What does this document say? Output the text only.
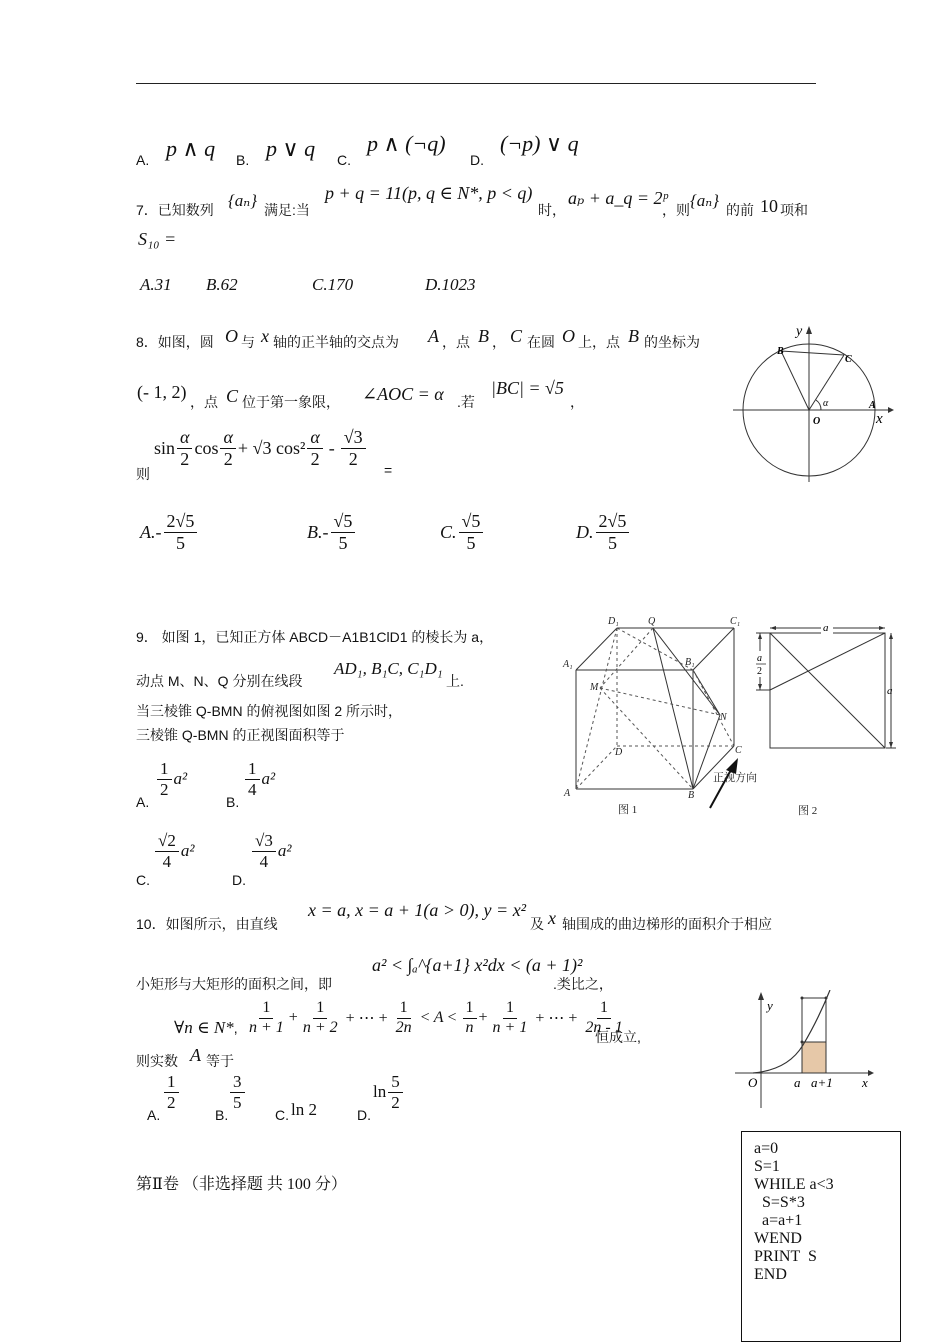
A. p ∧ q B. p ∨ q C.
p ∧ (¬q)
D.
(¬p) ∨ q
7．已知数列 {aₙ} 满足:当
p + q = 11(p, q ∈ N*, p < q)
时，
aₚ + a_q = 2ᵖ
，则 {aₙ} 的前 10 项和
S₁₀ =
A.31 B.62	C.170	D.1023
8．如图，圆 O 与 x 轴的正半轴的交点为 A ，点 B ， C 在圆 O 上，点 B 的坐标为
(- 1, 2) ，点 C 位于第一象限， ∠AOC = α .若
|BC| = √5
，
则
$\sin \frac{\alpha}{2}$ $\cos \frac{\alpha}{2} + √3$ $\cos^2 \frac{\alpha}{2} - \frac{√3}{2}$
=
$A.- \frac{2√5}{5}$	$B.- \frac{√5}{5}$	C. $\frac{√5}{5}$	D. $\frac{2√5}{5}$
y
x
B
C
A
O
α
9． 如图 1，已知正方体 ABCD－A1B1ClD1 的棱长为 a，
动点 M、N、Q 分别在线段
AD₁, B₁C, C₁D₁
上.
当三棱锥 Q-BMN 的俯视图如图 2 所示时，
三棱锥 Q-BMN 的正视图面积等于
A.
$\frac{1}{2} a^2$
B.
$\frac{1}{4} a^2$
C.
$\frac{√2}{4} a^2$
D.
$\frac{√3}{4} a^2$
D₁	Q	C₁
A₁	B₁
M
N
D	C
A	B
正视方向
图 1
a
a
2
a
图 2
10．如图所示，由直线
x = a, x = a + 1(a > 0), y = x²
及 x 轴围成的曲边梯形的面积介于相应
小矩形与大矩形的面积之间，即
a² < ∫ₐ^{a+1} x²dx < (a + 1)²
.类比之，
∀n ∈ N*, $\frac{1}{n + 1} + \frac{1}{n + 2}$ + ⋯ + $\frac{1}{2n} < A < \frac{1}{n} + \frac{1}{n + 1}$ + ⋯ + $\frac{1}{2n - 1}$
恒成立,
则实数 A 等于
A.
$\frac{1}{2}$
B.
$\frac{3}{5}$
C. ln 2	D.
$\ln \frac{5}{2}$
y
x
O	a a+1
第Ⅱ卷 （非选择题 共 100 分）
a=0
S=1
WHILE a<3
S=S*3
a=a+1
WEND
PRINT  S
END
